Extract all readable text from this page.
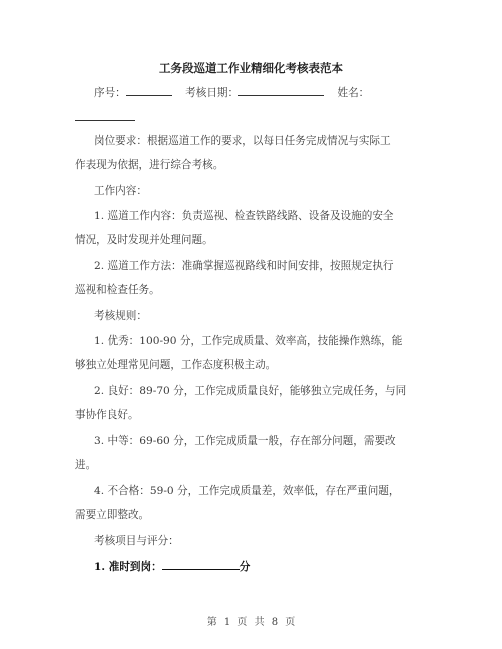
工务段巡道工作业精细化考核表范本
序号：	考核日期：	姓名：
岗位要求：根据巡道工作的要求，以每日任务完成情况与实际工
作表现为依据，进行综合考核。
工作内容：
1. 巡道工作内容：负责巡视、检查铁路线路、设备及设施的安全
情况，及时发现并处理问题。
2. 巡道工作方法：准确掌握巡视路线和时间安排，按照规定执行
巡视和检查任务。
考核规则：
1. 优秀：100-90 分，工作完成质量、效率高，技能操作熟练，能
够独立处理常见问题，工作态度积极主动。
2. 良好：89-70 分，工作完成质量良好，能够独立完成任务，与同
事协作良好。
3. 中等：69-60 分，工作完成质量一般，存在部分问题，需要改
进。
4. 不合格：59-0 分，工作完成质量差，效率低，存在严重问题，
需要立即整改。
考核项目与评分：
1. 准时到岗：	分
第 1 页 共 8 页
